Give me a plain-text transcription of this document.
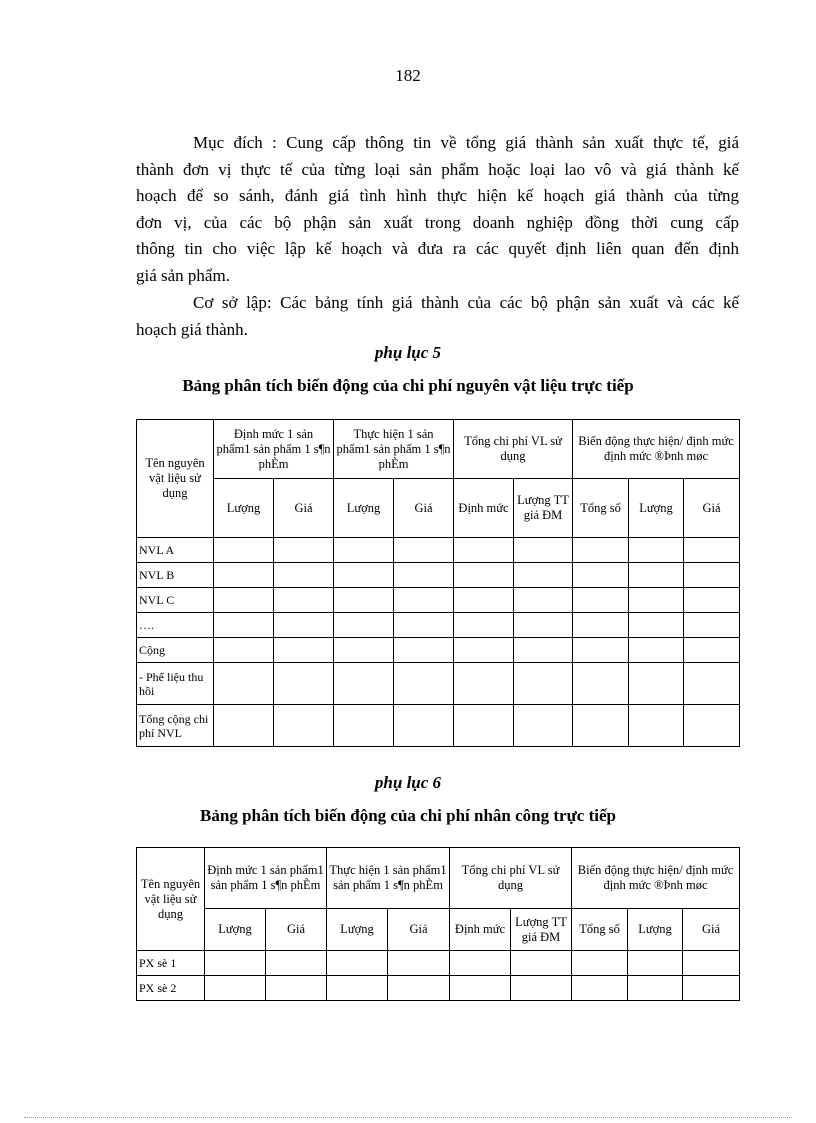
182

Mục đích : Cung cấp thông tin về tổng giá thành sản xuất thực tế, giá
thành đơn vị thực tế của từng loại sản phẩm hoặc loại lao vô và giá thành kế
hoạch để so sánh, đánh giá tình hình thực hiện kế hoạch giá thành của từng
đơn vị, của các bộ phận sản xuất trong doanh nghiệp đồng thời cung cấp
thông tin cho việc lập kế hoạch và đưa ra các quyết định liên quan đến định
giá sản phẩm.

Cơ sở lập: Các bảng tính giá thành của các bộ phận sản xuất và các kế
hoạch giá thành.

phụ lục 5
Bảng phân tích biến động của chi phí nguyên vật liệu trực tiếp
Tên nguyên vật liệu sử dụng	Định mức 1 sản phẩm1 sản phẩm 1 s¶n phÈm		Thực hiện 1 sản phẩm1 sản phẩm 1 s¶n phÈm		Tổng chi phí VL sử dụng		Biến động thực hiện/ định mức định mức ®Þnh møc		
	Lượng	Giá	Lượng	Giá	Định mức	Lượng TT giá ĐM	Tổng số	Lượng	Giá
NVL A									
NVL B									
NVL C									
….									
Cộng									
- Phế liệu thu hồi									
Tổng cộng chi phí NVL									
phụ lục 6
Bảng phân tích biến động của chi phí nhân công trực tiếp
Tên nguyên vật liệu sử dụng	Định mức 1 sản phẩm1 sản phẩm 1 s¶n phÈm		Thực hiện 1 sản phẩm1 sản phẩm 1 s¶n phÈm		Tổng chi phí VL sử dụng		Biến động thực hiện/ định mức định mức ®Þnh møc		
	Lượng	Giá	Lượng	Giá	Định mức	Lượng TT giá ĐM	Tổng số	Lượng	Giá
PX sè 1									
PX sè 2									
